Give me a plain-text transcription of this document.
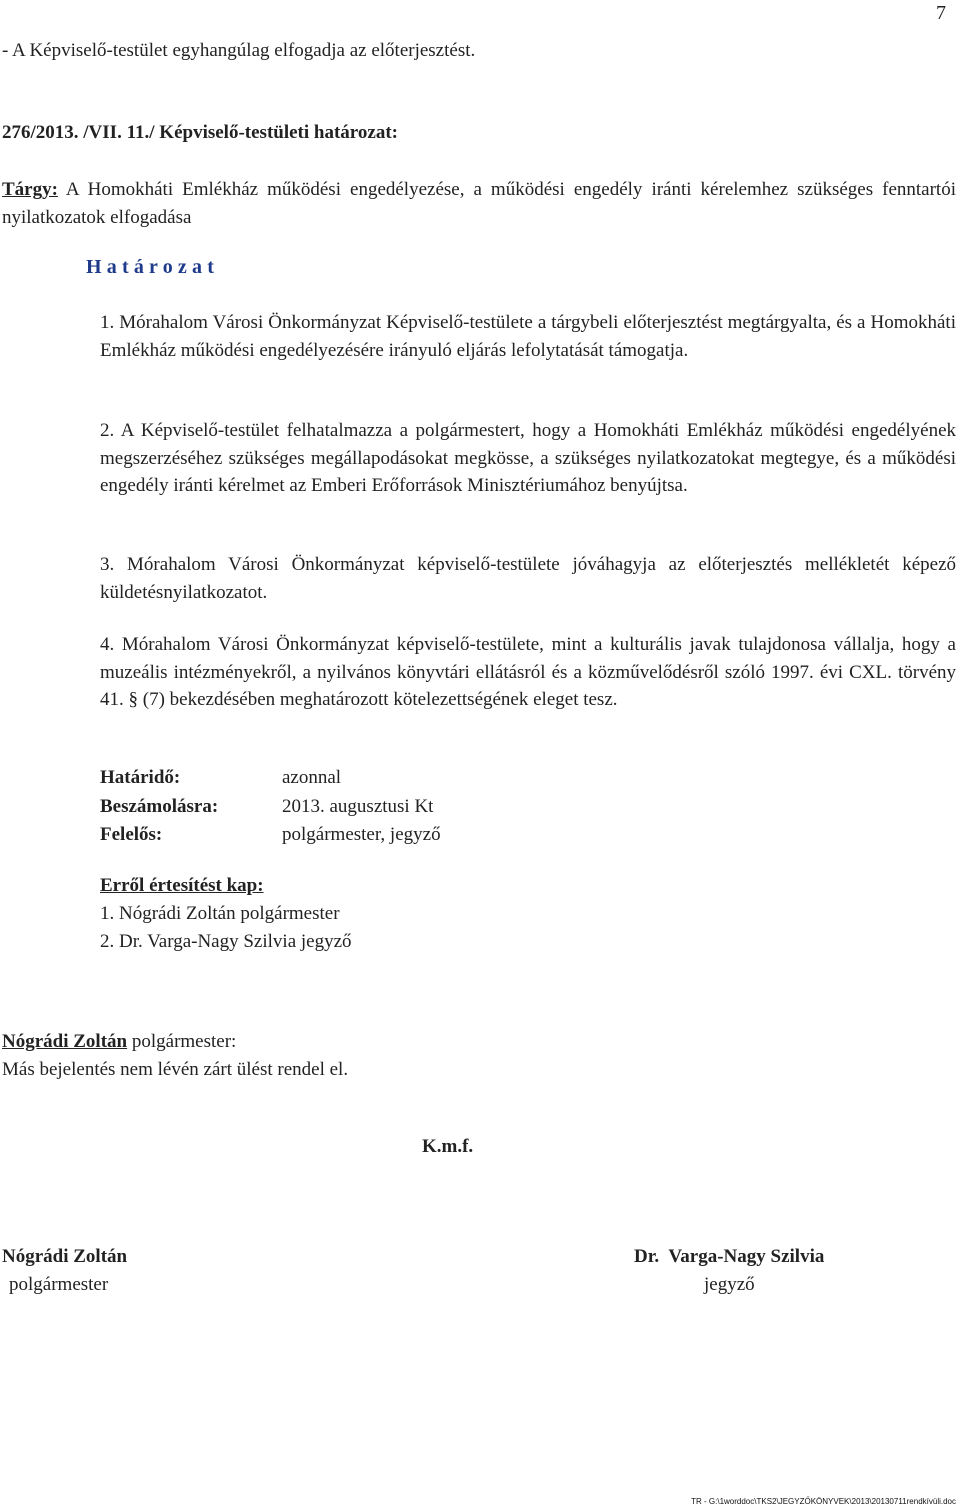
7
- A Képviselő-testület egyhangúlag elfogadja az előterjesztést.
276/2013. /VII. 11./ Képviselő-testületi határozat:
Tárgy: A Homokháti Emlékház működési engedélyezése, a működési engedély iránti kérelemhez szükséges fenntartói nyilatkozatok elfogadása
H a t á r o z a t
1. Mórahalom Városi Önkormányzat Képviselő-testülete a tárgybeli előterjesztést megtárgyalta, és a Homokháti Emlékház működési engedélyezésére irányuló eljárás lefolytatását támogatja.
2. A Képviselő-testület felhatalmazza a polgármestert, hogy a Homokháti Emlékház működési engedélyének megszerzéséhez szükséges megállapodásokat megkösse, a szükséges nyilatkozatokat megtegye, és a működési engedély iránti kérelmet az Emberi Erőforrások Minisztériumához benyújtsa.
3. Mórahalom Városi Önkormányzat képviselő-testülete jóváhagyja az előterjesztés mellékletét képező küldetésnyilatkozatot.
4. Mórahalom Városi Önkormányzat képviselő-testülete, mint a kulturális javak tulajdonosa vállalja, hogy a muzeális intézményekről, a nyilvános könyvtári ellátásról és a közművelődésről szóló 1997. évi CXL. törvény 41. § (7) bekezdésében meghatározott kötelezettségének eleget tesz.
Határidő:	azonnal
Beszámolásra:	2013. augusztusi Kt
Felelős:	polgármester, jegyző
Erről értesítést kap:
1. Nógrádi Zoltán polgármester
2. Dr. Varga-Nagy Szilvia jegyző
Nógrádi Zoltán polgármester:
Más bejelentés nem lévén zárt ülést rendel el.
K.m.f.
Nógrádi Zoltán
polgármester
Dr.  Varga-Nagy Szilvia
jegyző
TR - G:\1worddoc\TKS2\JEGYZŐKÖNYVEK\2013\20130711rendkívüli.doc
